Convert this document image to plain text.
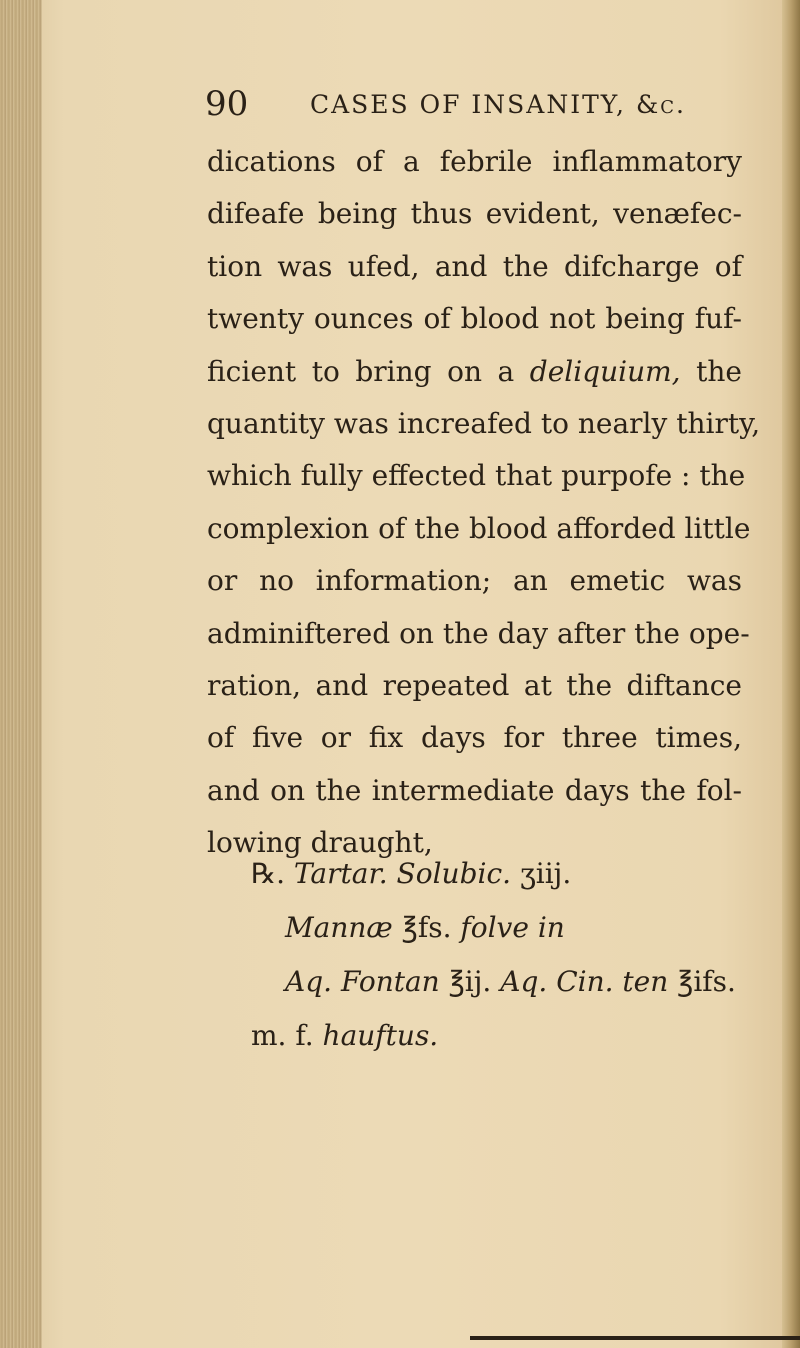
90 CASES OF INSANITY, &c.
dications of a febrile inflammatory
difeafe being thus evident, venæfec-
tion was ufed, and the difcharge of
twenty ounces of blood not being fuf-
ficient to bring on a deliquium, the
quantity was increafed to nearly thirty,
which fully effected that purpofe : the
complexion of the blood afforded little
or no information; an emetic was
adminiftered on the day after the ope-
ration, and repeated at the diftance
of five or fix days for three times,
and on the intermediate days the fol-
lowing draught,
℞. Tartar. Solubic. ʒiij.
Mannæ ℥fs. folve in
Aq. Fontan ℥ij. Aq. Cin. ten ℥ifs.
m. f. hauftus.
